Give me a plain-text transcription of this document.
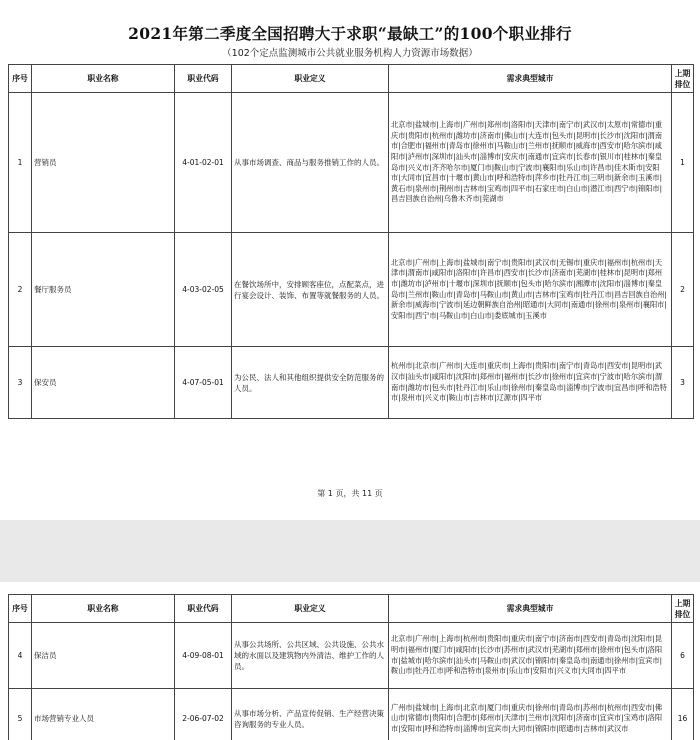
2021年第二季度全国招聘大于求职“最缺工”的100个职业排行
（102个定点监测城市公共就业服务机构人力资源市场数据）
序号	职业名称	职业代码	职业定义	需求典型城市	上期排位
1	营销员	4-01-02-01	从事市场调查、商品与服务推销工作的人员。	北京市|盐城市|上海市|广州市|郑州市|洛阳市|天津市|南宁市|武汉市|太原市|常德市|重庆市|贵阳市|杭州市|潍坊市|济南市|佛山市|大连市|包头市|昆明市|长沙市|沈阳市|渭南市|合肥市|福州市|青岛市|徐州市|马鞍山市|兰州市|抚顺市|威海市|西安市|哈尔滨市|咸阳市|泸州市|深圳市|汕头市|淄博市|安庆市|南通市|宜宾市|长春市|银川市|桂林市|秦皇岛市|兴义市|齐齐哈尔市|厦门市|鞍山市|宁波市|襄阳市|乐山市|许昌市|佳木斯市|安阳市|大同市|宜昌市|十堰市|黄山市|呼和浩特市|萍乡市|牡丹江市|三明市|新余市|玉溪市|黄石市|泉州市|荆州市|吉林市|宝鸡市|四平市|石家庄市|白山市|潜江市|西宁市|锦阳市|昌吉回族自治州|乌鲁木齐市|莞湖市	1
2	餐厅服务员	4-03-02-05	在餐饮场所中，安排顾客座位，点配菜点，进行宴会设计、装饰、布置等就餐服务的人员。	北京市|广州市|上海市|盐城市|南宁市|贵阳市|武汉市|无锡市|重庆市|福州市|杭州市|天津市|渭南市|咸阳市|洛阳市|许昌市|西安市|长沙市|济南市|芜湖市|桂林市|昆明市|郑州市|潍坊市|泸州市|十堰市|深圳市|抚顺市|包头市|哈尔滨市|湘潭市|沈阳市|淄博市|秦皇岛市|兰州市|鞍山市|青岛市|马鞍山市|黄山市|吉林市|宝鸡市|牡丹江市|昌吉回族自治州|新余市|威海市|宁波市|延边朝鲜族自治州|昭通市|大同市|南通市|徐州市|泉州市|襄阳市|安阳市|西宁市|马鞍山市|白山市|娄底城市|玉溪市	2
3	保安员	4-07-05-01	为公民、法人和其他组织提供安全防范服务的人员。	杭州市|北京市|广州市|大连市|重庆市|上海市|贵阳市|南宁市|青岛市|西安市|昆明市|武汉市|汕头市|咸阳市|沈阳市|郑州市|福州市|长沙市|徐州市|宜宾市|宁波市|哈尔滨市|渭南市|潍坊市|包头市|牡丹江市|乐山市|徐州市|秦皇岛市|淄博市|宁波市|宜昌市|呼和浩特市|泉州市|兴义市|鞍山市|吉林市|辽源市|四平市	3
第 1 页，共 11 页
序号	职业名称	职业代码	职业定义	需求典型城市	上期排位
4	保洁员	4-09-08-01	从事公共场所、公共区域、公共设施、公共水域的水面以及建筑物内外清洁、维护工作的人员。	北京市|广州市|上海市|杭州市|贵阳市|重庆市|南宁市|济南市|西安市|青岛市|沈阳市|昆明市|福州市|厦门市|咸阳市|长沙市|苏州市|武汉市|芜湖市|郑州市|徐州市|包头市|洛阳市|盐城市|哈尔滨市|汕头市|马鞍山市|武汉市|锦阳市|秦皇岛市|南通市|徐州市|宜宾市|鞍山市|牡丹江市|呼和浩特市|泉州市|乐山市|安阳市|兴义市|大同市|四平市	6
5	市场营销专业人员	2-06-07-02	从事市场分析、产品宣传促销、生产经营决策咨询服务的专业人员。	广州市|盐城市|上海市|北京市|厦门市|重庆市|徐州市|青岛市|苏州市|杭州市|西安市|佛山市|常德市|贵阳市|合肥市|郑州市|天津市|兰州市|沈阳市|济南市|宜宾市|宝鸡市|洛阳市|安阳市|呼和浩特市|淄博市|宜宾市|大同市|锦阳市|昭通市|吉林市|武汉市	16
